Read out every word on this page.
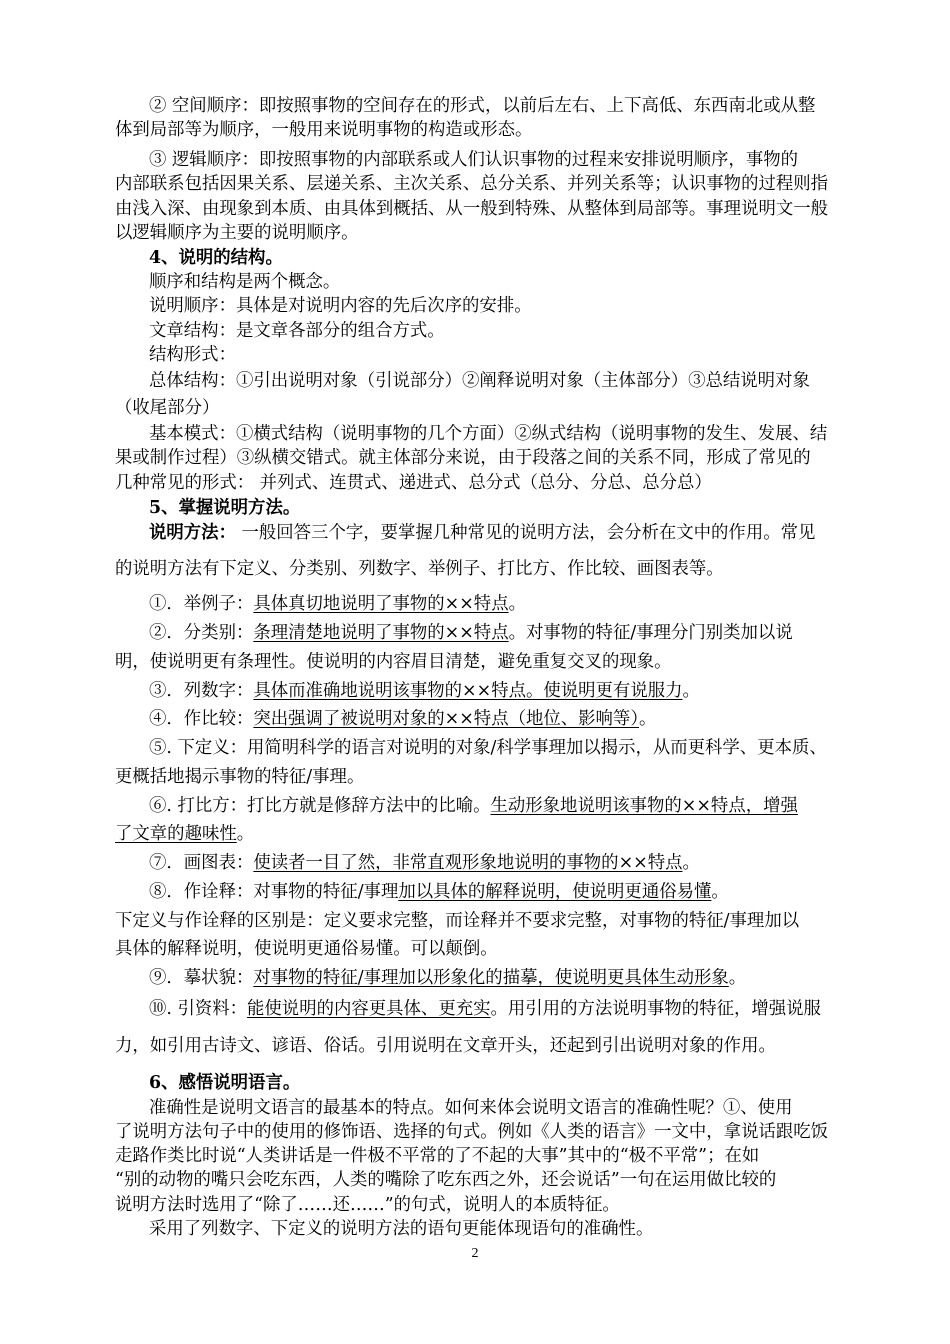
② 空间顺序：即按照事物的空间存在的形式，以前后左右、上下高低、东西南北或从整
体到局部等为顺序，一般用来说明事物的构造或形态。
③ 逻辑顺序：即按照事物的内部联系或人们认识事物的过程来安排说明顺序，事物的
内部联系包括因果关系、层递关系、主次关系、总分关系、并列关系等；认识事物的过程则指
由浅入深、由现象到本质、由具体到概括、从一般到特殊、从整体到局部等。事理说明文一般
以逻辑顺序为主要的说明顺序。
4、说明的结构。
顺序和结构是两个概念。
说明顺序：具体是对说明内容的先后次序的安排。
文章结构：是文章各部分的组合方式。
结构形式：
总体结构：①引出说明对象（引说部分）②阐释说明对象（主体部分）③总结说明对象
（收尾部分）
基本模式：①横式结构（说明事物的几个方面）②纵式结构（说明事物的发生、发展、结
果或制作过程）③纵横交错式。就主体部分来说，由于段落之间的关系不同，形成了常见的
几种常见的形式： 并列式、连贯式、递进式、总分式（总分、分总、总分总）
5、掌握说明方法。
说明方法： 一般回答三个字，要掌握几种常见的说明方法，会分析在文中的作用。常见
的说明方法有下定义、分类别、列数字、举例子、打比方、作比较、画图表等。
①．举例子：具体真切地说明了事物的××特点。
②．分类别：条理清楚地说明了事物的××特点。对事物的特征/事理分门别类加以说
明，使说明更有条理性。使说明的内容眉目清楚，避免重复交叉的现象。
③．列数字：具体而准确地说明该事物的××特点。使说明更有说服力。
④．作比较：突出强调了被说明对象的××特点（地位、影响等）。
⑤. 下定义：用简明科学的语言对说明的对象/科学事理加以揭示，从而更科学、更本质、
更概括地揭示事物的特征/事理。
⑥. 打比方：打比方就是修辞方法中的比喻。生动形象地说明该事物的××特点，增强
了文章的趣味性。
⑦．画图表：使读者一目了然，非常直观形象地说明的事物的××特点。
⑧．作诠释：对事物的特征/事理加以具体的解释说明，使说明更通俗易懂。
下定义与作诠释的区别是：定义要求完整，而诠释并不要求完整，对事物的特征/事理加以
具体的解释说明，使说明更通俗易懂。可以颠倒。
⑨．摹状貌：对事物的特征/事理加以形象化的描摹，使说明更具体生动形象。
⑩. 引资料：能使说明的内容更具体、更充实。用引用的方法说明事物的特征，增强说服
力，如引用古诗文、谚语、俗话。引用说明在文章开头，还起到引出说明对象的作用。
6、感悟说明语言。
准确性是说明文语言的最基本的特点。如何来体会说明文语言的准确性呢？①、使用
了说明方法句子中的使用的修饰语、选择的句式。例如《人类的语言》一文中，拿说话跟吃饭
走路作类比时说“人类讲话是一件极不平常的了不起的大事”其中的“极不平常”；在如
“别的动物的嘴只会吃东西，人类的嘴除了吃东西之外，还会说话”一句在运用做比较的
说明方法时选用了“除了……还……”的句式，说明人的本质特征。
采用了列数字、下定义的说明方法的语句更能体现语句的准确性。
2
